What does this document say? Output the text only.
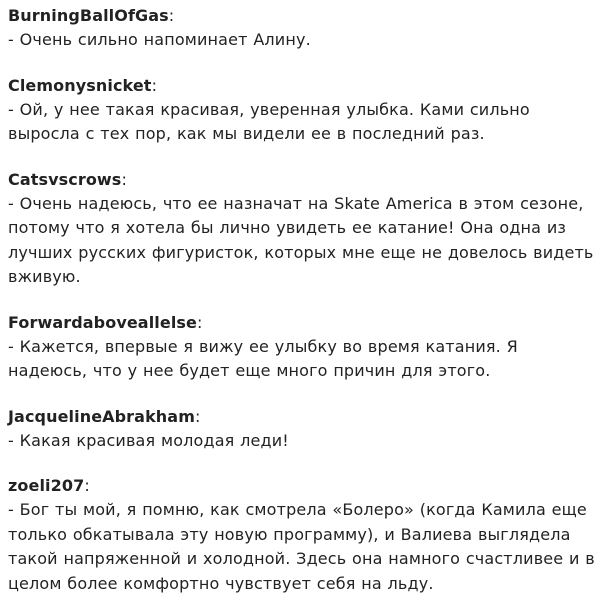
BurningBallOfGas:
- Очень сильно напоминает Алину.
Clemonysnicket:
- Ой, у нее такая красивая, уверенная улыбка. Ками сильно выросла с тех пор, как мы видели ее в последний раз.
Catsvscrows:
- Очень надеюсь, что ее назначат на Skate America в этом сезоне, потому что я хотела бы лично увидеть ее катание! Она одна из лучших русских фигуристок, которых мне еще не довелось видеть вживую.
Forwardaboveallelse:
- Кажется, впервые я вижу ее улыбку во время катания. Я надеюсь, что у нее будет еще много причин для этого.
JacquelineAbrakham:
- Какая красивая молодая леди!
zoeli207:
- Бог ты мой, я помню, как смотрела «Болеро» (когда Камила еще только обкатывала эту новую программу), и Валиева выглядела такой напряженной и холодной. Здесь она намного счастливее и в целом более комфортно чувствует себя на льду.
